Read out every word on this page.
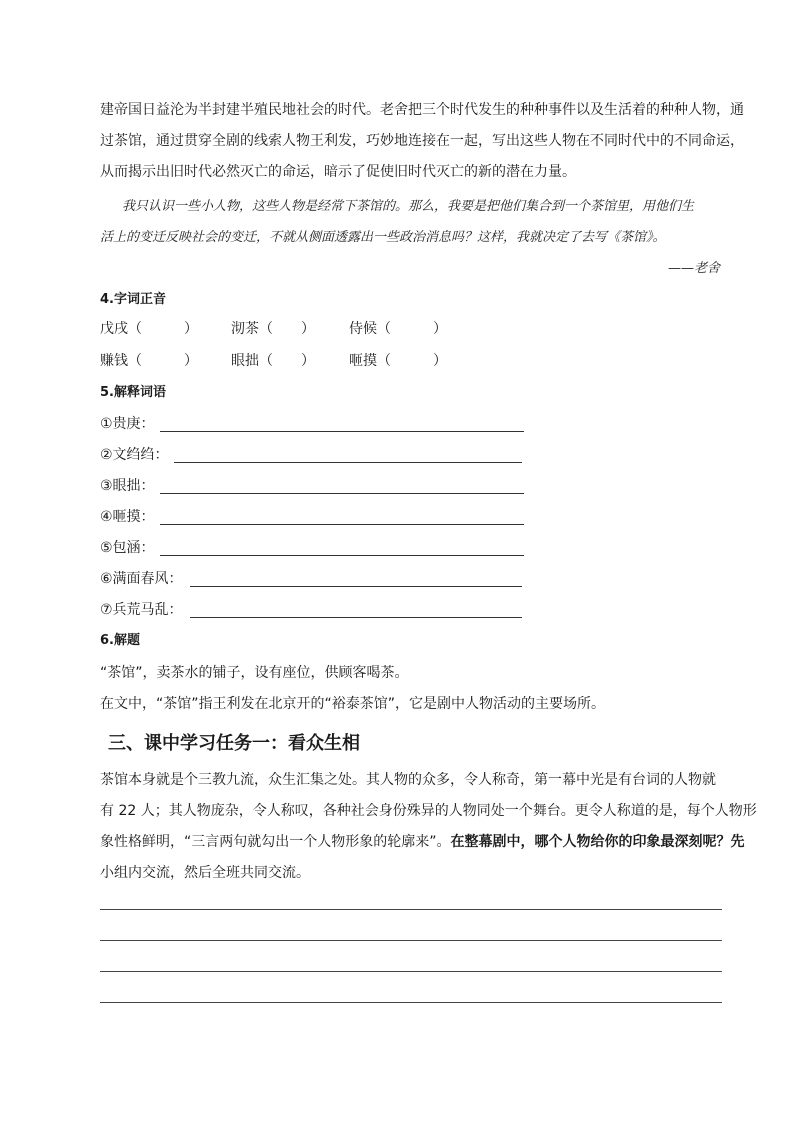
建帝国日益沦为半封建半殖民地社会的时代。老舍把三个时代发生的种种事件以及生活着的种种人物，通

过茶馆，通过贯穿全剧的线索人物王利发，巧妙地连接在一起，写出这些人物在不同时代中的不同命运，

从而揭示出旧时代必然灭亡的命运，暗示了促使旧时代灭亡的新的潜在力量。

我只认识一些小人物，这些人物是经常下茶馆的。那么，我要是把他们集合到一个茶馆里，用他们生

活上的变迁反映社会的变迁，不就从侧面透露出一些政治消息吗？这样，我就决定了去写《茶馆》。

——老舍

4.字词正音

戊戌（　　　） 沏茶（　　） 侍候（　　　）
赚钱（　　　） 眼拙（　　） 咂摸（　　　）

5.解释词语

①贵庚：
②文绉绉：
③眼拙：
④咂摸：
⑤包涵：
⑥满面春风：
⑦兵荒马乱：

6.解题

“茶馆”，卖茶水的铺子，设有座位，供顾客喝茶。

在文中，“茶馆”指王利发在北京开的“裕泰茶馆”，它是剧中人物活动的主要场所。

三、课中学习任务一：看众生相

茶馆本身就是个三教九流，众生汇集之处。其人物的众多，令人称奇，第一幕中光是有台词的人物就

有 22 人；其人物庞杂，令人称叹，各种社会身份殊异的人物同处一个舞台。更令人称道的是，每个人物形

象性格鲜明，“三言两句就勾出一个人物形象的轮廓来”。在整幕剧中，哪个人物给你的印象最深刻呢？先

小组内交流，然后全班共同交流。
